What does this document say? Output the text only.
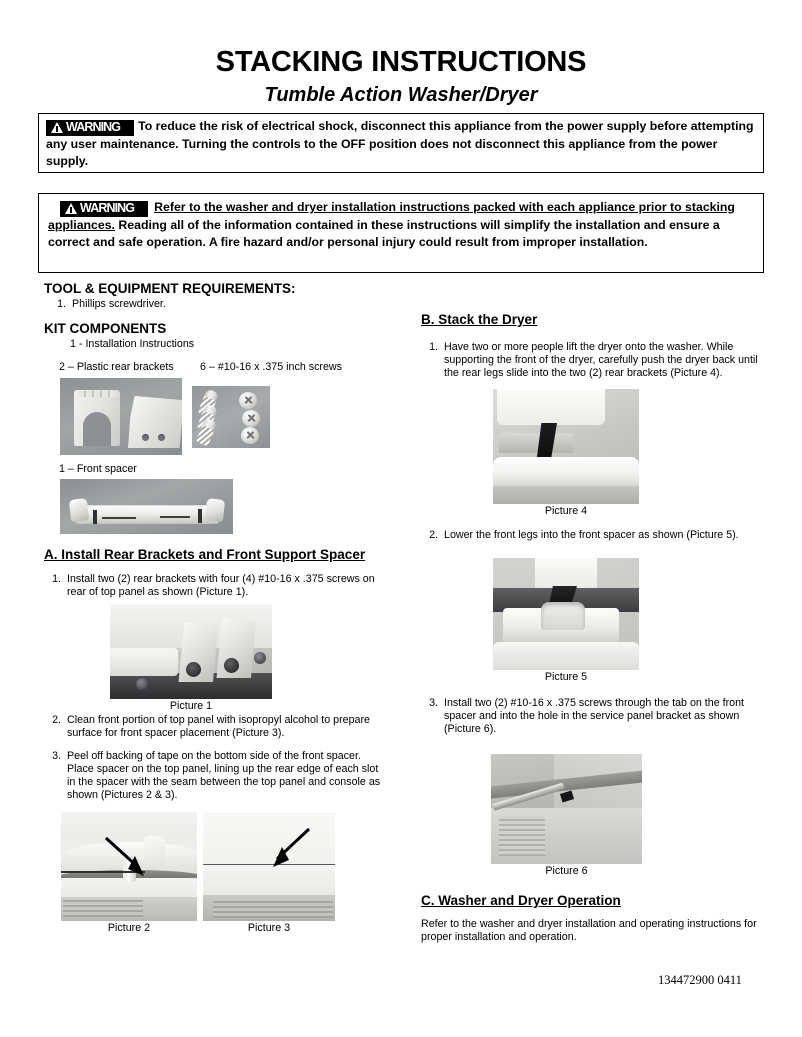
STACKING INSTRUCTIONS
Tumble Action Washer/Dryer
WARNING To reduce the risk of electrical shock, disconnect this appliance from the power supply before attempting any user maintenance. Turning the controls to the OFF position does not disconnect this appliance from the power supply.
WARNING Refer to the washer and dryer installation instructions packed with each appliance prior to stacking appliances. Reading all of the information contained in these instructions will simplify the installation and ensure a correct and safe operation. A fire hazard and/or personal injury could result from improper installation.
TOOL & EQUIPMENT REQUIREMENTS:
1. Phillips screwdriver.
KIT COMPONENTS
1 - Installation Instructions
2 – Plastic rear brackets 6 – #10-16 x .375 inch screws
1 – Front spacer
A. Install Rear Brackets and Front Support Spacer
1. Install two (2) rear brackets with four (4) #10-16 x .375 screws on rear of top panel as shown (Picture 1).
Picture 1
2. Clean front portion of top panel with isopropyl alcohol to prepare surface for front spacer placement (Picture 3).
3. Peel off backing of tape on the bottom side of the front spacer. Place spacer on the top panel, lining up the rear edge of each slot in the spacer with the seam between the top panel and console as shown (Pictures 2 & 3).
Picture 2	Picture 3
B. Stack the Dryer
1. Have two or more people lift the dryer onto the washer. While supporting the front of the dryer, carefully push the dryer back until the rear legs slide into the two (2) rear brackets (Picture 4).
Picture 4
2. Lower the front legs into the front spacer as shown (Picture 5).
Picture 5
3. Install two (2) #10-16 x .375 screws through the tab on the front spacer and into the hole in the service panel bracket as shown (Picture 6).
Picture 6
C. Washer and Dryer Operation
Refer to the washer and dryer installation and operating instructions for proper installation and operation.
134472900 0411
